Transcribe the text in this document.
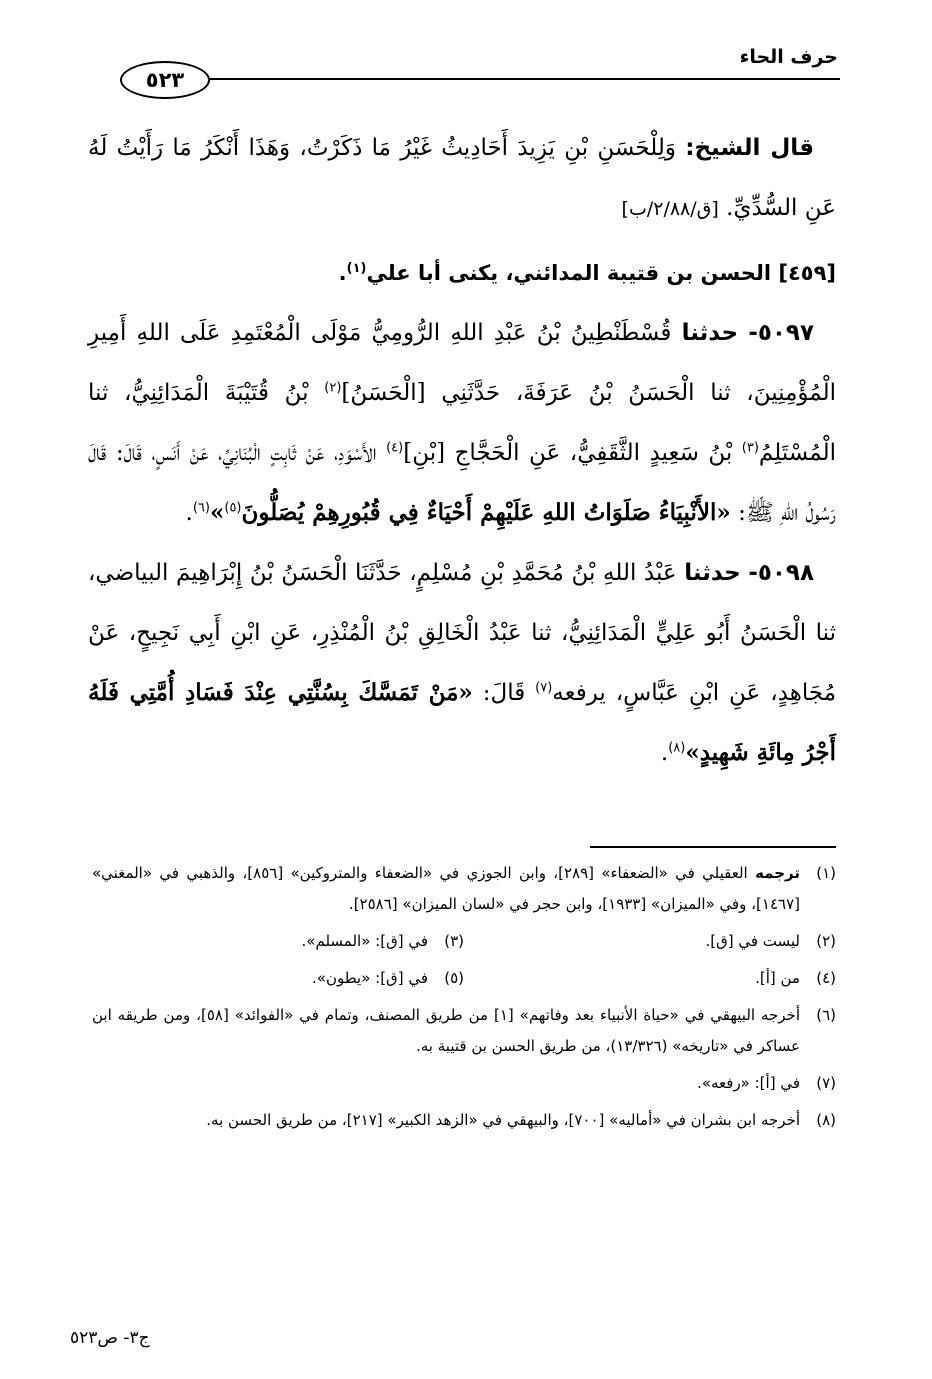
حرف الحاء
٥٢٣

قال الشيخ: وَلِلْحَسَنِ بْنِ يَزِيدَ أَحَادِيثُ غَيْرُ مَا ذَكَرْتُ، وَهَذَا أَنْكَرُ مَا رَأَيْتُ لَهُ عَنِ السُّدِّيِّ. [ق/٢/٨٨/ب]

[٤٥٩] الحسن بن قتيبة المدائني، يكنى أبا علي$^{(١)}$.

٥٠٩٧- حدثنا قُسْطَنْطِينُ بْنُ عَبْدِ اللهِ الرُّومِيُّ مَوْلَى الْمُعْتَمِدِ عَلَى اللهِ أَمِيرِ الْمُؤْمِنِينَ، ثنا الْحَسَنُ بْنُ عَرَفَةَ، حَدَّثَنِي [الْحَسَنُ]$^{(٢)}$ بْنُ قُتَيْبَةَ الْمَدَائِنِيُّ، ثنا الْمُسْتَلِمُ$^{(٣)}$ بْنُ سَعِيدٍ الثَّقَفِيُّ، عَنِ الْحَجَّاجِ [بْنِ]$^{(٤)}$ الأَسْوَدِ، عَنْ ثَابِتٍ الْبُنَانِيِّ، عَنْ أَنَسٍ، قَالَ: قَالَ رَسُولُ اللهِ ﷺ: «الأَنْبِيَاءُ صَلَوَاتُ اللهِ عَلَيْهِمْ أَحْيَاءٌ فِي قُبُورِهِمْ يُصَلُّونَ$^{(٥)}$»$^{(٦)}$.

٥٠٩٨- حدثنا عَبْدُ اللهِ بْنُ مُحَمَّدِ بْنِ مُسْلِمٍ، حَدَّثَنَا الْحَسَنُ بْنُ إِبْرَاهِيمَ البياضي، ثنا الْحَسَنُ أَبُو عَلِيٍّ الْمَدَائِنِيُّ، ثنا عَبْدُ الْخَالِقِ بْنُ الْمُنْذِرِ، عَنِ ابْنِ أَبِي نَجِيحٍ، عَنْ مُجَاهِدٍ، عَنِ ابْنِ عَبَّاسٍ، يرفعه$^{(٧)}$ قَالَ: «مَنْ تَمَسَّكَ بِسُنَّتِي عِنْدَ فَسَادِ أُمَّتِي فَلَهُ أَجْرُ مِائَةِ شَهِيدٍ»$^{(٨)}$.

(١)
ترجمه العقيلي في «الضعفاء» [٢٨٩]، وابن الجوزي في «الضعفاء والمتروكين» [٨٥٦]، والذهبي في «المغني» [١٤٦٧]، وفي «الميزان» [١٩٣٣]، وابن حجر في «لسان الميزان» [٢٥٨٦].
(٢)
ليست في [ق].
(٣)
في [ق]: «المسلم».
(٤)
من [أ].
(٥)
في [ق]: «يطون».
(٦)
أخرجه البيهقي في «حياة الأنبياء بعد وفاتهم» [١] من طريق المصنف، وتمام في «الفوائد» [٥٨]، ومن طريقه ابن عساكر في «تاريخه» (١٣/٣٢٦)، من طريق الحسن بن قتيبة به.
(٧)
في [أ]: «رفعه».
(٨)
أخرجه ابن بشران في «أماليه» [٧٠٠]، والبيهقي في «الزهد الكبير» [٢١٧]، من طريق الحسن به.
ج٣- ص٥٢٣
